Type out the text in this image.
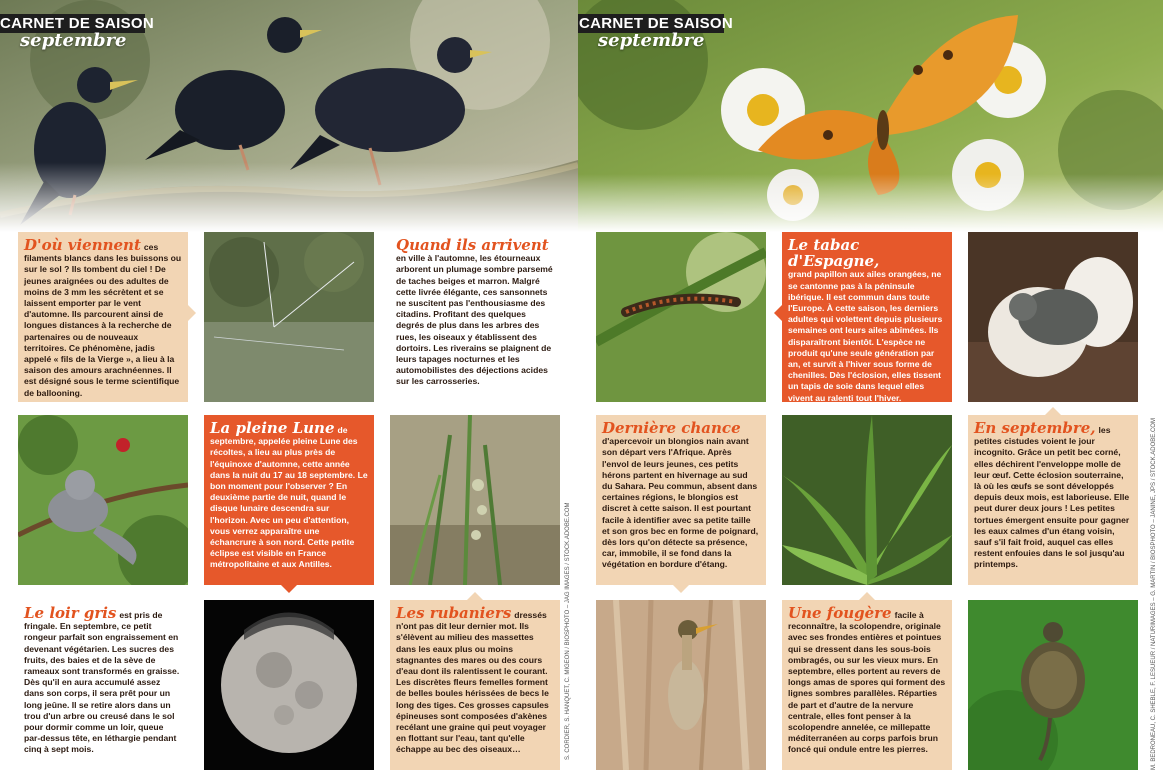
CARNET DE SAISON
septembre
D'où viennent ces filaments blancs dans les buissons ou sur le sol ? Ils tombent du ciel ! De jeunes araignées ou des adultes de moins de 3 mm les sécrètent et se laissent emporter par le vent d'automne. Ils parcourent ainsi de longues distances à la recherche de partenaires ou de nouveaux territoires. Ce phénomène, jadis appelé « fils de la Vierge », a lieu à la saison des amours arachnéennes. Il est désigné sous le terme scientifique de ballooning.
Quand ils arrivent
en ville à l'automne, les étourneaux arborent un plumage sombre parsemé de taches beiges et marron. Malgré cette livrée élégante, ces sansonnets ne suscitent pas l'enthousiasme des citadins. Profitant des quelques degrés de plus dans les arbres des rues, les oiseaux y établissent des dortoirs. Les riverains se plaignent de leurs tapages nocturnes et les automobilistes des déjections acides sur les carrosseries.
La pleine Lune de septembre, appelée pleine Lune des récoltes, a lieu au plus près de l'équinoxe d'automne, cette année dans la nuit du 17 au 18 septembre. Le bon moment pour l'observer ? En deuxième partie de nuit, quand le disque lunaire descendra sur l'horizon. Avec un peu d'attention, vous verrez apparaître une échancrure à son nord. Cette petite éclipse est visible en France métropolitaine et aux Antilles.
Le loir gris est pris de fringale. En septembre, ce petit rongeur parfait son engraissement en devenant végétarien. Les sucres des fruits, des baies et de la sève de rameaux sont transformés en graisse. Dès qu'il en aura accumulé assez dans son corps, il sera prêt pour un long jeûne. Il se retire alors dans un trou d'un arbre ou creusé dans le sol pour dormir comme un loir, queue par-dessus tête, en léthargie pendant cinq à sept mois.
Les rubaniers dressés n'ont pas dit leur dernier mot. Ils s'élèvent au milieu des massettes dans les eaux plus ou moins stagnantes des mares ou des cours d'eau dont ils ralentissent le courant. Les discrètes fleurs femelles forment de belles boules hérissées de becs le long des tiges. Ces grosses capsules épineuses sont composées d'akènes recélant une graine qui peut voyager en flottant sur l'eau, tant qu'elle échappe au bec des oiseaux…	S. CORDIER, S. HANQUET, C. MIGEON / BIOSPHOTO – JAG IMAGES / STOCK.ADOBE.COM
CARNET DE SAISON
septembre
Le tabac d'Espagne,
grand papillon aux ailes orangées, ne se cantonne pas à la péninsule ibérique. Il est commun dans toute l'Europe. À cette saison, les derniers adultes qui volettent depuis plusieurs semaines ont leurs ailes abîmées. Ils disparaîtront bientôt. L'espèce ne produit qu'une seule génération par an, et survit à l'hiver sous forme de chenilles. Dès l'éclosion, elles tissent un tapis de soie dans lequel elles vivent au ralenti tout l'hiver.
Dernière chance
d'apercevoir un blongios nain avant son départ vers l'Afrique. Après l'envol de leurs jeunes, ces petits hérons partent en hivernage au sud du Sahara. Peu commun, absent dans certaines régions, le blongios est discret à cette saison. Il est pourtant facile à identifier avec sa petite taille et son gros bec en forme de poignard, dès lors qu'on détecte sa présence, car, immobile, il se fond dans la végétation en bordure d'étang.
En septembre, les petites cistudes voient le jour incognito. Grâce un petit bec corné, elles déchirent l'enveloppe molle de leur œuf. Cette éclosion souterraine, là où les œufs se sont développés depuis deux mois, est laborieuse. Elle peut durer deux jours ! Les petites tortues émergent ensuite pour gagner les eaux calmes d'un étang voisin, sauf s'il fait froid, auquel cas elles restent enfouies dans le sol jusqu'au printemps.
Une fougère facile à reconnaître, la scolopendre, originale avec ses frondes entières et pointues qui se dressent dans les sous-bois ombragés, ou sur les vieux murs. En septembre, elles portent au revers de longs amas de spores qui forment des lignes sombres parallèles. Réparties de part et d'autre de la nervure centrale, elles font penser à la scolopendre annelée, ce millepatte méditerranéen au corps parfois brun foncé qui ondule entre les pierres.	M. BEDRONEAU, C. SHEBLE, F. LESUEUR / NATURIMAGES – G. MARTIN / BIOSPHOTO – JANINE, JPS / STOCK.ADOBE.COM
